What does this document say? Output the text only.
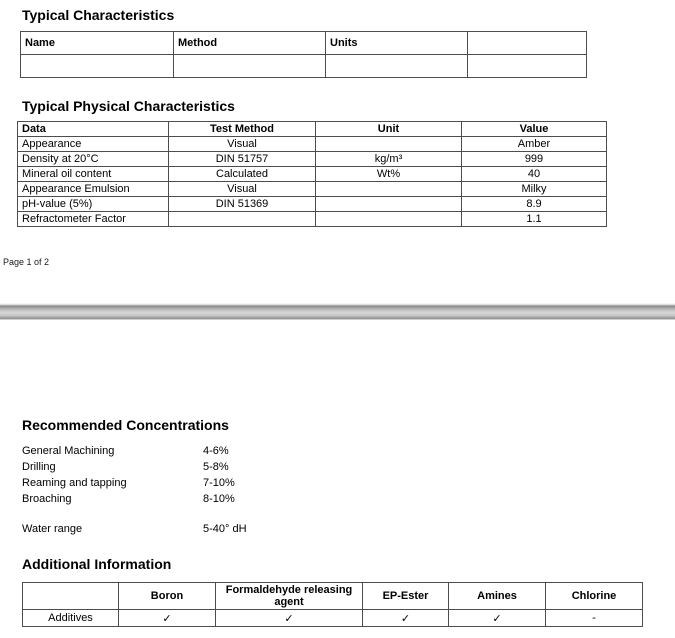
Typical Characteristics
Name	Method	Units	

Typical Physical Characteristics
Data	Test Method	Unit	Value
Appearance	Visual		Amber
Density at 20°C	DIN 51757	kg/m³	999
Mineral oil content	Calculated	Wt%	40
Appearance Emulsion	Visual		Milky
pH-value (5%)	DIN 51369		8.9
Refractometer Factor			1.1
Page 1 of 2
Recommended Concentrations
General Machining	4-6%
Drilling	5-8%
Reaming and tapping	7-10%
Broaching	8-10%
Water range	5-40° dH
Additional Information
	Boron	Formaldehyde releasing agent	EP-Ester	Amines	Chlorine
Additives	✓	✓	✓	✓	-
